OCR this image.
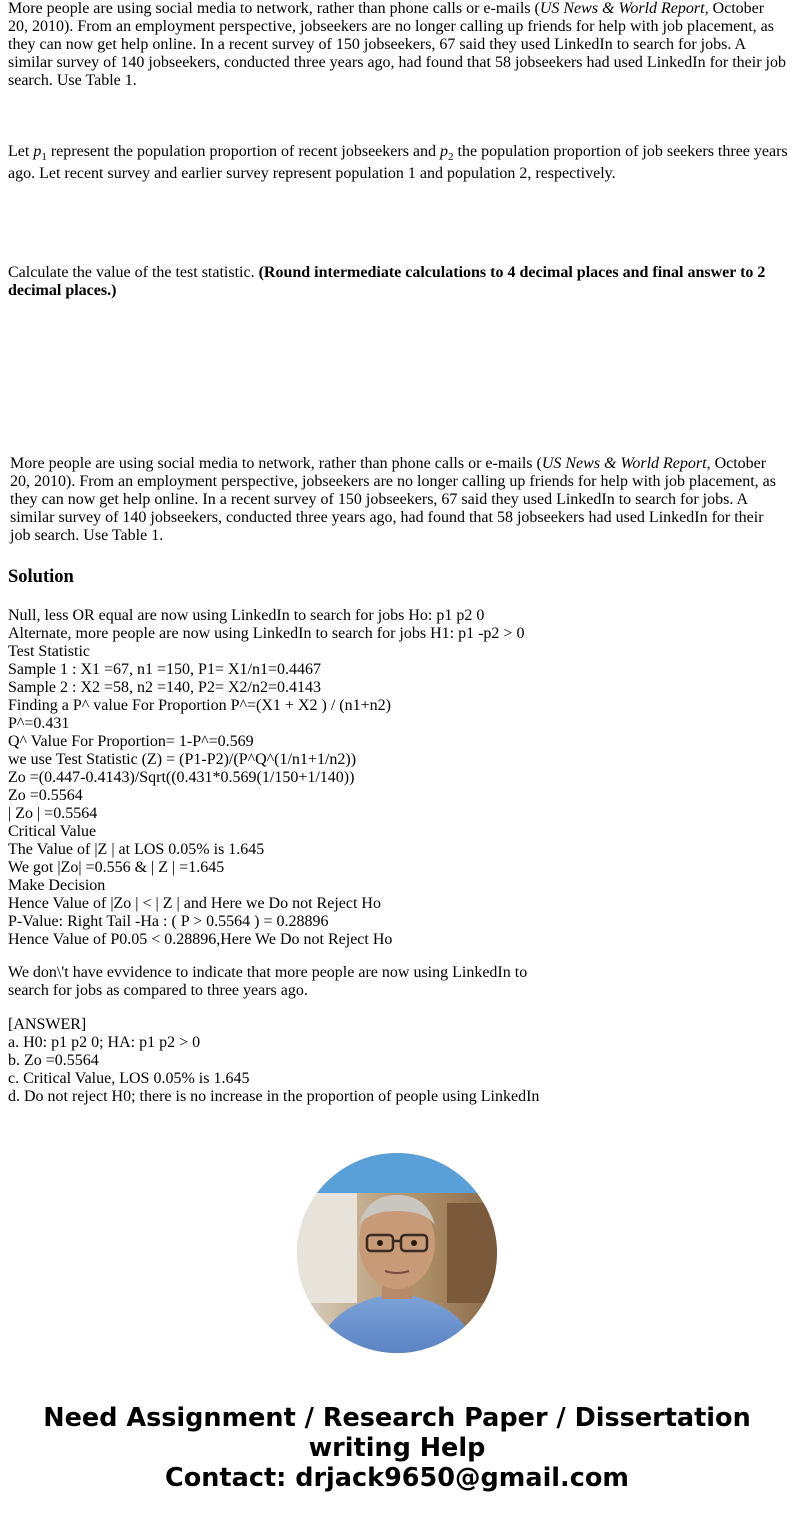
More people are using social media to network, rather than phone calls or e-mails (US News & World Report, October 20, 2010). From an employment perspective, jobseekers are no longer calling up friends for help with job placement, as they can now get help online. In a recent survey of 150 jobseekers, 67 said they used LinkedIn to search for jobs. A similar survey of 140 jobseekers, conducted three years ago, had found that 58 jobseekers had used LinkedIn for their job search. Use Table 1.

Let $p_1$ represent the population proportion of recent jobseekers and $p_2$ the population proportion of job seekers three years ago. Let recent survey and earlier survey represent population 1 and population 2, respectively.

Calculate the value of the test statistic. (Round intermediate calculations to 4 decimal places and final answer to 2 decimal places.)

More people are using social media to network, rather than phone calls or e-mails (US News & World Report, October 20, 2010). From an employment perspective, jobseekers are no longer calling up friends for help with job placement, as they can now get help online. In a recent survey of 150 jobseekers, 67 said they used LinkedIn to search for jobs. A similar survey of 140 jobseekers, conducted three years ago, had found that 58 jobseekers had used LinkedIn for their job search. Use Table 1.

Solution
Null, less OR equal are now using LinkedIn to search for jobs Ho: p1 p2 0
Alternate, more people are now using LinkedIn to search for jobs H1: p1 -p2 > 0
Test Statistic
Sample 1 : X1 =67, n1 =150, P1= X1/n1=0.4467
Sample 2 : X2 =58, n2 =140, P2= X2/n2=0.4143
Finding a P^ value For Proportion P^=(X1 + X2 ) / (n1+n2)
P^=0.431
Q^ Value For Proportion= 1-P^=0.569
we use Test Statistic (Z) = (P1-P2)/(P^Q^(1/n1+1/n2))
Zo =(0.447-0.4143)/Sqrt((0.431*0.569(1/150+1/140))
Zo =0.5564
| Zo | =0.5564
Critical Value
The Value of |Z | at LOS 0.05% is 1.645
We got |Zo| =0.556 & | Z | =1.645
Make Decision
Hence Value of |Zo | < | Z | and Here we Do not Reject Ho
P-Value: Right Tail -Ha : ( P > 0.5564 ) = 0.28896
Hence Value of P0.05 < 0.28896,Here We Do not Reject Ho
We don\'t have evvidence to indicate that more people are now using LinkedIn to
search for jobs as compared to three years ago.
[ANSWER]
a. H0: p1 p2 0; HA: p1 p2 > 0
b. Zo =0.5564
c. Critical Value, LOS 0.05% is 1.645
d. Do not reject H0; there is no increase in the proportion of people using LinkedIn
Need Assignment / Research Paper / Dissertation
writing Help
Contact: drjack9650@gmail.com
